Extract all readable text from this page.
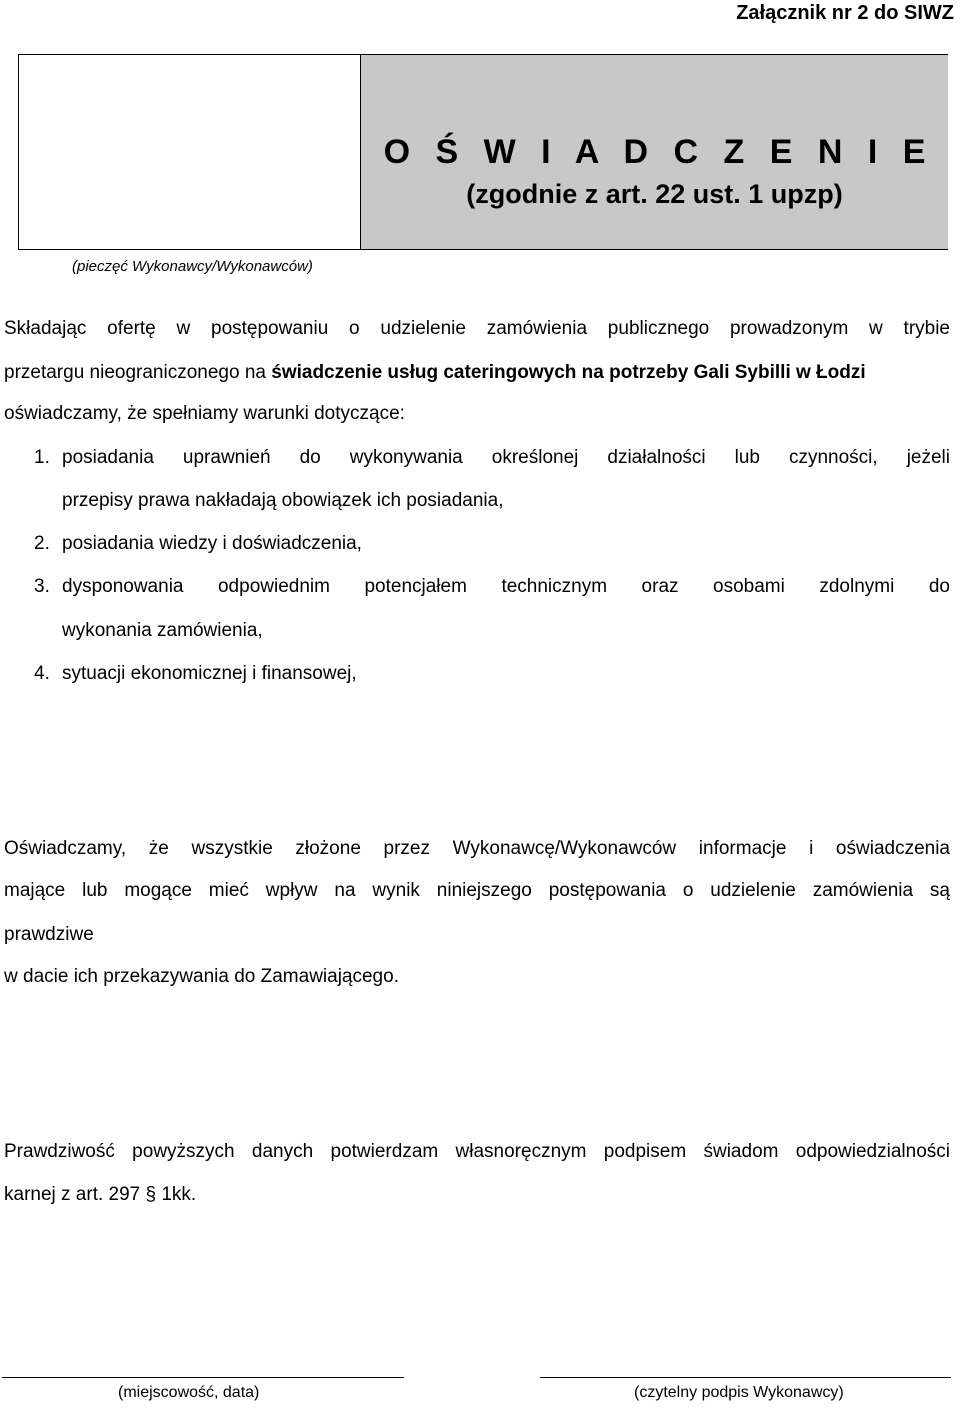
Załącznik nr 2 do SIWZ
O Ś W I A D C Z E N I E
(zgodnie z art. 22 ust. 1 upzp)
(pieczęć Wykonawcy/Wykonawców)
Składając ofertę w postępowaniu o udzielenie zamówienia publicznego prowadzonym w trybie
przetargu nieograniczonego na świadczenie usług cateringowych na potrzeby Gali Sybilli w Łodzi
oświadczamy, że spełniamy warunki dotyczące:
1. posiadania uprawnień do wykonywania określonej działalności lub czynności, jeżeli
przepisy prawa nakładają obowiązek ich posiadania,
2. posiadania wiedzy i doświadczenia,
3. dysponowania odpowiednim potencjałem technicznym oraz osobami zdolnymi do
wykonania zamówienia,
4. sytuacji ekonomicznej i finansowej,
Oświadczamy, że wszystkie złożone przez Wykonawcę/Wykonawców informacje i oświadczenia
mające lub mogące mieć wpływ na wynik niniejszego postępowania o udzielenie zamówienia są
prawdziwe
w dacie ich przekazywania do Zamawiającego.
Prawdziwość powyższych danych potwierdzam własnoręcznym podpisem świadom odpowiedzialności
karnej z art. 297 § 1kk.
(miejscowość, data)	(czytelny podpis Wykonawcy)
